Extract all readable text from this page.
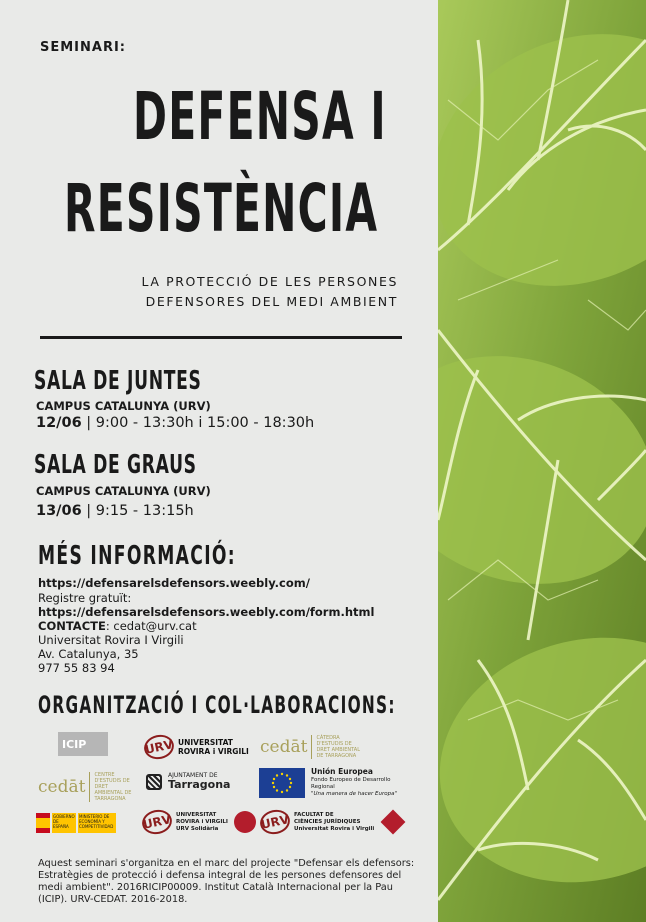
SEMINARI:
DEFENSA I
RESISTÈNCIA
LA PROTECCIÓ DE LES PERSONES
DEFENSORES DEL MEDI AMBIENT
SALA DE JUNTES
CAMPUS CATALUNYA (URV)
12/06 | 9:00 - 13:30h i 15:00 - 18:30h
SALA DE GRAUS
CAMPUS CATALUNYA (URV)
13/06 | 9:15 - 13:15h
MÉS INFORMACIÓ:
https://defensarelsdefensors.weebly.com/
Registre gratuït:
https://defensarelsdefensors.weebly.com/form.html
CONTACTE: cedat@urv.cat
Universitat Rovira I Virgili
Av. Catalunya, 35
977 55 83 94
ORGANITZACIÓ I COL·LABORACIONS:
ICIP	URV UNIVERSITAT
ROVIRA i VIRGILI cedāt	CÀTEDRA D'ESTUDIS DE DRET AMBIENTAL DE TARRAGONA
cedāt
CENTRE D'ESTUDIS DE DRET AMBIENTAL DE TARRAGONA
AJUNTAMENT DE
Tarragona
Unión Europea
Fondo Europeo de Desarrollo Regional
"Una manera de hacer Europa"
GOBIERNO DE ESPAÑA
MINISTERIO DE ECONOMÍA Y COMPETITIVIDAD URV UNIVERSITAT
ROVIRA i VIRGILI
URV Solidària	URV FACULTAT DE
CIÈNCIES JURÍDIQUES
Universitat Rovira i Virgili
Aquest seminari s'organitza en el marc del projecte "Defensar els defensors: Estratègies de protecció i defensa integral de les persones defensores del medi ambient". 2016RICIP00009. Institut Català Internacional per la Pau (ICIP). URV-CEDAT. 2016-2018.
